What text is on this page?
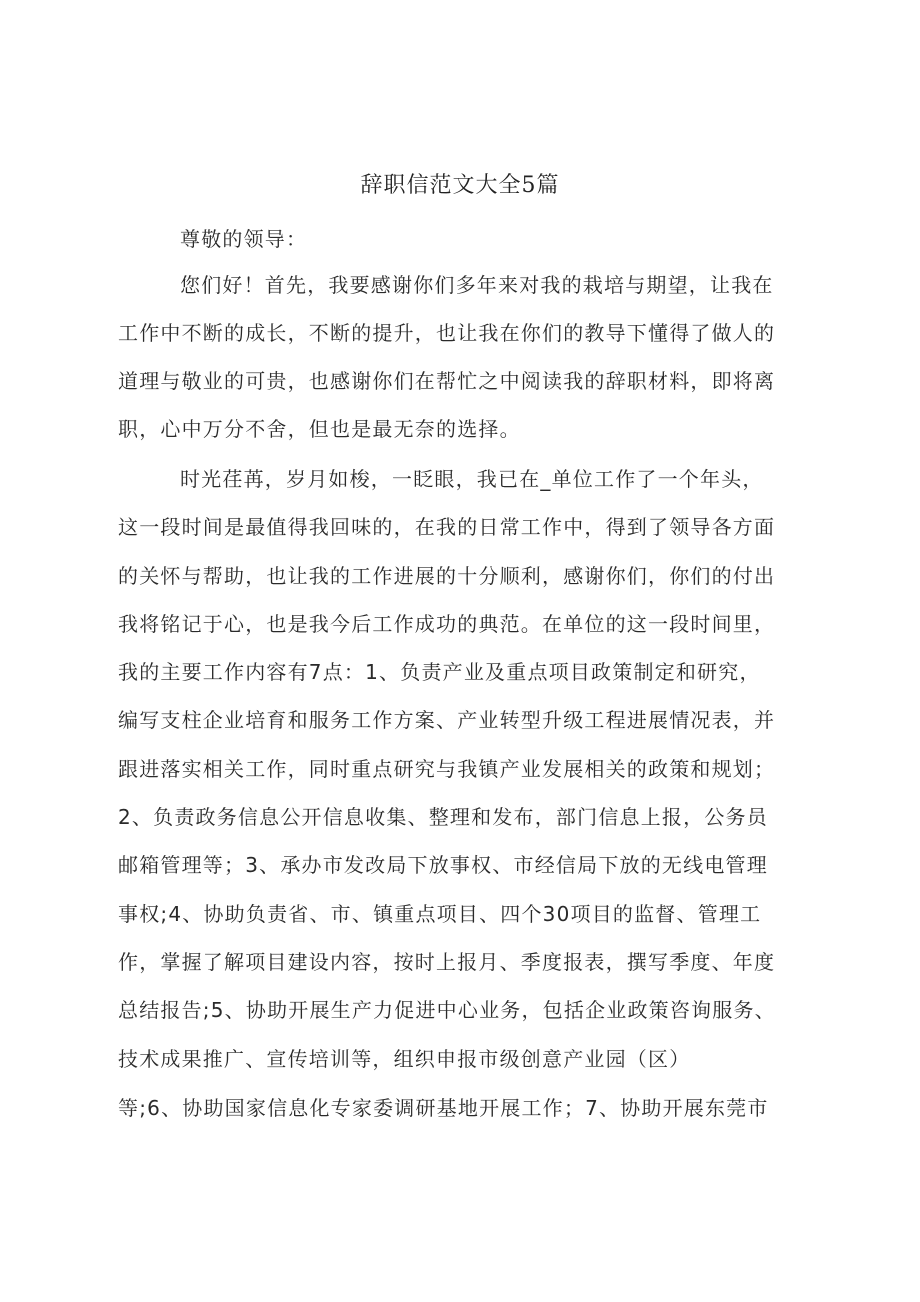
辞职信范文大全5篇
尊敬的领导：
您们好！首先，我要感谢你们多年来对我的栽培与期望，让我在
工作中不断的成长，不断的提升，也让我在你们的教导下懂得了做人的
道理与敬业的可贵，也感谢你们在帮忙之中阅读我的辞职材料，即将离
职，心中万分不舍，但也是最无奈的选择。
时光荏苒，岁月如梭，一眨眼，我已在_单位工作了一个年头，
这一段时间是最值得我回味的，在我的日常工作中，得到了领导各方面
的关怀与帮助，也让我的工作进展的十分顺利，感谢你们，你们的付出
我将铭记于心，也是我今后工作成功的典范。在单位的这一段时间里，
我的主要工作内容有7点：1、负责产业及重点项目政策制定和研究，
编写支柱企业培育和服务工作方案、产业转型升级工程进展情况表，并
跟进落实相关工作，同时重点研究与我镇产业发展相关的政策和规划；
2、负责政务信息公开信息收集、整理和发布，部门信息上报，公务员
邮箱管理等；3、承办市发改局下放事权、市经信局下放的无线电管理
事权;4、协助负责省、市、镇重点项目、四个30项目的监督、管理工
作，掌握了解项目建设内容，按时上报月、季度报表，撰写季度、年度
总结报告;5、协助开展生产力促进中心业务，包括企业政策咨询服务、
技术成果推广、宣传培训等，组织申报市级创意产业园（区）
等;6、协助国家信息化专家委调研基地开展工作；7、协助开展东莞市
